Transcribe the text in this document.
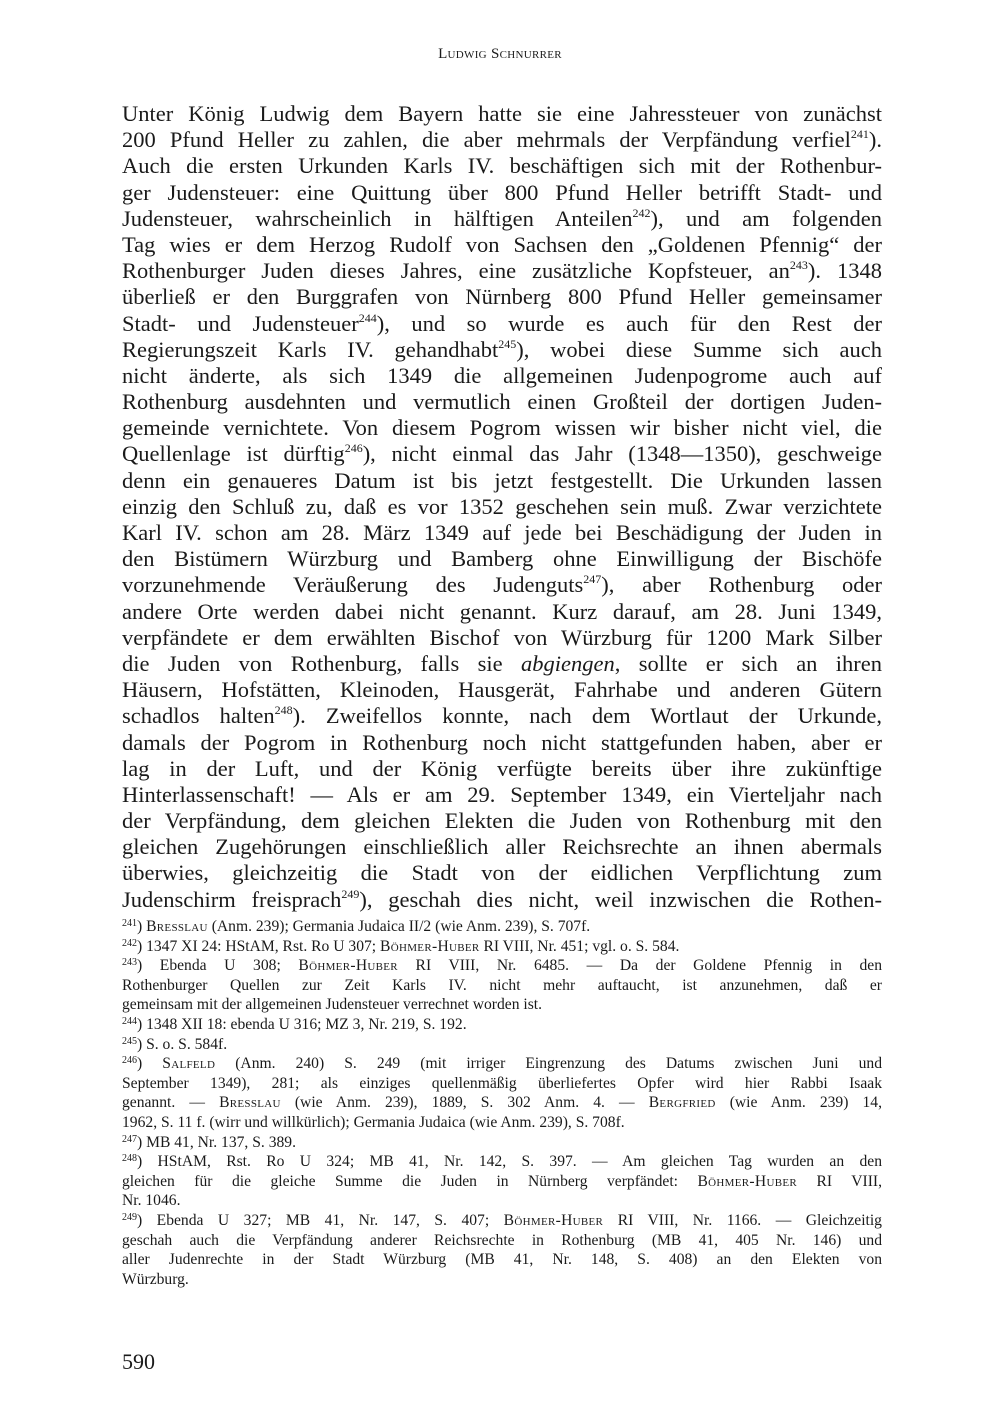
Ludwig Schnurrer
Unter König Ludwig dem Bayern hatte sie eine Jahressteuer von zunächst
200 Pfund Heller zu zahlen, die aber mehrmals der Verpfändung verfiel$^{241}$).
Auch die ersten Urkunden Karls IV. beschäftigen sich mit der Rothenbur-
ger Judensteuer: eine Quittung über 800 Pfund Heller betrifft Stadt- und
Judensteuer, wahrscheinlich in hälftigen Anteilen$^{242}$), und am folgenden
Tag wies er dem Herzog Rudolf von Sachsen den „Goldenen Pfennig“ der
Rothenburger Juden dieses Jahres, eine zusätzliche Kopfsteuer, $an^{243}$). 1348
überließ er den Burggrafen von Nürnberg 800 Pfund Heller gemeinsamer
Stadt- und Judensteuer$^{244}$), und so wurde es auch für den Rest der
Regierungszeit Karls IV. gehandhabt$^{245}$), wobei diese Summe sich auch
nicht änderte, als sich 1349 die allgemeinen Judenpogrome auch auf
Rothenburg ausdehnten und vermutlich einen Großteil der dortigen Juden-
gemeinde vernichtete. Von diesem Pogrom wissen wir bisher nicht viel, die
Quellenlage ist dürftig$^{246}$), nicht einmal das Jahr (1348—1350), geschweige
denn ein genaueres Datum ist bis jetzt festgestellt. Die Urkunden lassen
einzig den Schluß zu, daß es vor 1352 geschehen sein muß. Zwar verzichtete
Karl IV. schon am 28. März 1349 auf jede bei Beschädigung der Juden in
den Bistümern Würzburg und Bamberg ohne Einwilligung der Bischöfe
vorzunehmende Veräußerung des Judenguts$^{247}$), aber Rothenburg oder
andere Orte werden dabei nicht genannt. Kurz darauf, am 28. Juni 1349,
verpfändete er dem erwählten Bischof von Würzburg für 1200 Mark Silber
die Juden von Rothenburg, falls sie abgiengen, sollte er sich an ihren
Häusern, Hofstätten, Kleinoden, Hausgerät, Fahrhabe und anderen Gütern
schadlos halten$^{248}$). Zweifellos konnte, nach dem Wortlaut der Urkunde,
damals der Pogrom in Rothenburg noch nicht stattgefunden haben, aber er
lag in der Luft, und der König verfügte bereits über ihre zukünftige
Hinterlassenschaft! — Als er am 29. September 1349, ein Vierteljahr nach
der Verpfändung, dem gleichen Elekten die Juden von Rothenburg mit den
gleichen Zugehörungen einschließlich aller Reichsrechte an ihnen abermals
überwies, gleichzeitig die Stadt von der eidlichen Verpflichtung zum
Judenschirm freisprach$^{249}$), geschah dies nicht, weil inzwischen die Rothen-
$^{241}$) Bresslau (Anm. 239); Germania Judaica II/2 (wie Anm. 239), S. 707f.
$^{242}$) 1347 XI 24: HStAM, Rst. Ro U 307; Böhmer-Huber RI VIII, Nr. 451; vgl. o. S. 584.
$^{243}$) Ebenda U 308; Böhmer-Huber RI VIII, Nr. 6485. — Da der Goldene Pfennig in den
Rothenburger Quellen zur Zeit Karls IV. nicht mehr auftaucht, ist anzunehmen, daß er
gemeinsam mit der allgemeinen Judensteuer verrechnet worden ist.
$^{244}$) 1348 XII 18: ebenda U 316; MZ 3, Nr. 219, S. 192.
$^{245}$) S. o. S. 584f.
$^{246}$) Salfeld (Anm. 240) S. 249 (mit irriger Eingrenzung des Datums zwischen Juni und
September 1349), 281; als einziges quellenmäßig überliefertes Opfer wird hier Rabbi Isaak
genannt. — Bresslau (wie Anm. 239), 1889, S. 302 Anm. 4. — Bergfried (wie Anm. 239) 14,
1962, S. 11 f. (wirr und willkürlich); Germania Judaica (wie Anm. 239), S. 708f.
$^{247}$) MB 41, Nr. 137, S. 389.
$^{248}$) HStAM, Rst. Ro U 324; MB 41, Nr. 142, S. 397. — Am gleichen Tag wurden an den
gleichen für die gleiche Summe die Juden in Nürnberg verpfändet: Böhmer-Huber RI VIII,
Nr. 1046.
$^{249}$) Ebenda U 327; MB 41, Nr. 147, S. 407; Böhmer-Huber RI VIII, Nr. 1166. — Gleichzeitig
geschah auch die Verpfändung anderer Reichsrechte in Rothenburg (MB 41, 405 Nr. 146) und
aller Judenrechte in der Stadt Würzburg (MB 41, Nr. 148, S. 408) an den Elekten von
Würzburg.
590
